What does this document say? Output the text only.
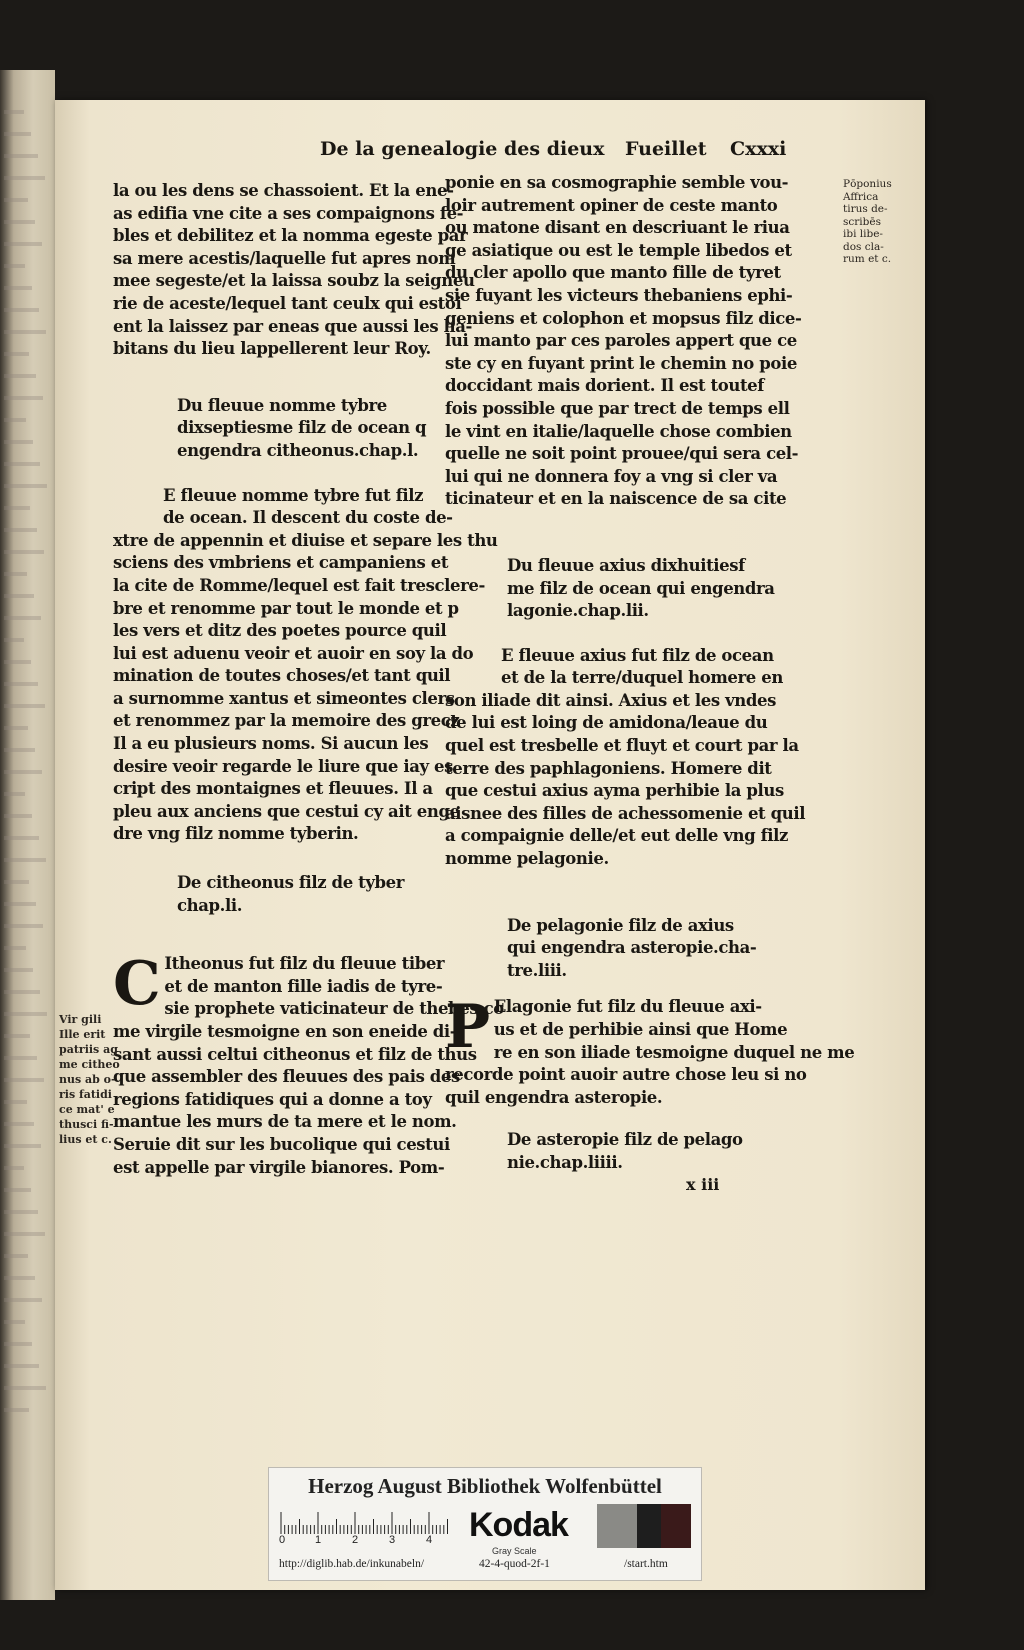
De la genealogie des dieux Fueillet Cxxxi

la ou les dens se chassoient. Et la ene-

as edifia vne cite a ses compaignons fe-

bles et debilitez et la nomma egeste par

sa mere acestis/laquelle fut apres nom

mee segeste/et la laissa soubz la seigneu

rie de aceste/lequel tant ceulx qui estoi

ent la laissez par eneas que aussi les ha-

bitans du lieu lappellerent leur Roy.

Du fleuue nomme tybre

dixseptiesme filz de ocean q

engendra citheonus.chap.l.

E fleuue nomme tybre fut filz

de ocean. Il descent du coste de-

xtre de appennin et diuise et separe les thu

sciens des vmbriens et campaniens et

la cite de Romme/lequel est fait tresclere-

bre et renomme par tout le monde et p

les vers et ditz des poetes pource quil

lui est aduenu veoir et auoir en soy la do

mination de toutes choses/et tant quil

a surnomme xantus et simeontes clers

et renommez par la memoire des grecz

Il a eu plusieurs noms. Si aucun les

desire veoir regarde le liure que iay es

cript des montaignes et fleuues. Il a

pleu aux anciens que cestui cy ait enge

dre vng filz nomme tyberin.

De citheonus filz de tyber

chap.li.

C Itheonus fut filz du fleuue tiber

et de manton fille iadis de tyre-

sie prophete vaticinateur de thebes co

me virgile tesmoigne en son eneide di-

sant aussi celtui citheonus et filz de thus

que assembler des fleuues des pais des

regions fatidiques qui a donne a toy

mantue les murs de ta mere et le nom.

Seruie dit sur les bucolique qui cestui

est appelle par virgile bianores. Pom-

ponie en sa cosmographie semble vou-

loir autrement opiner de ceste manto

ou matone disant en descriuant le riua

ge asiatique ou est le temple libedos et

du cler apollo que manto fille de tyret

sie fuyant les victeurs thebaniens ephi-

geniens et colophon et mopsus filz dice-

lui manto par ces paroles appert que ce

ste cy en fuyant print le chemin no poie

doccidant mais dorient. Il est toutef

fois possible que par trect de temps ell

le vint en italie/laquelle chose combien

quelle ne soit point prouee/qui sera cel-

lui qui ne donnera foy a vng si cler va

ticinateur et en la naiscence de sa cite

Du fleuue axius dixhuitiesf

me filz de ocean qui engendra

lagonie.chap.lii.

E fleuue axius fut filz de ocean

et de la terre/duquel homere en

son iliade dit ainsi. Axius et les vndes

de lui est loing de amidona/leaue du

quel est tresbelle et fluyt et court par la

terre des paphlagoniens. Homere dit

que cestui axius ayma perhibie la plus

aisnee des filles de achessomenie et quil

a compaignie delle/et eut delle vng filz

nomme pelagonie.

De pelagonie filz de axius

qui engendra asteropie.cha-

tre.liii.

P Elagonie fut filz du fleuue axi-

us et de perhibie ainsi que Home

re en son iliade tesmoigne duquel ne me

recorde point auoir autre chose leu si no

quil engendra asteropie.

De asteropie filz de pelago

nie.chap.liiii.

x iii
Pōponius
Affrica
tirus de-
scribēs
ibi libe-
dos cla-
rum et c.
Vir gili
Ille erit
patriis ag
me citheo
nus ab o-
ris fatidi
ce mat' e
thusci fi-
lius et c.
Herzog August Bibliothek Wolfenbüttel
0	1	2	3	4 Kodak
Gray Scale
http://diglib.hab.de/inkunabeln/	42-4-quod-2f-1	/start.htm
